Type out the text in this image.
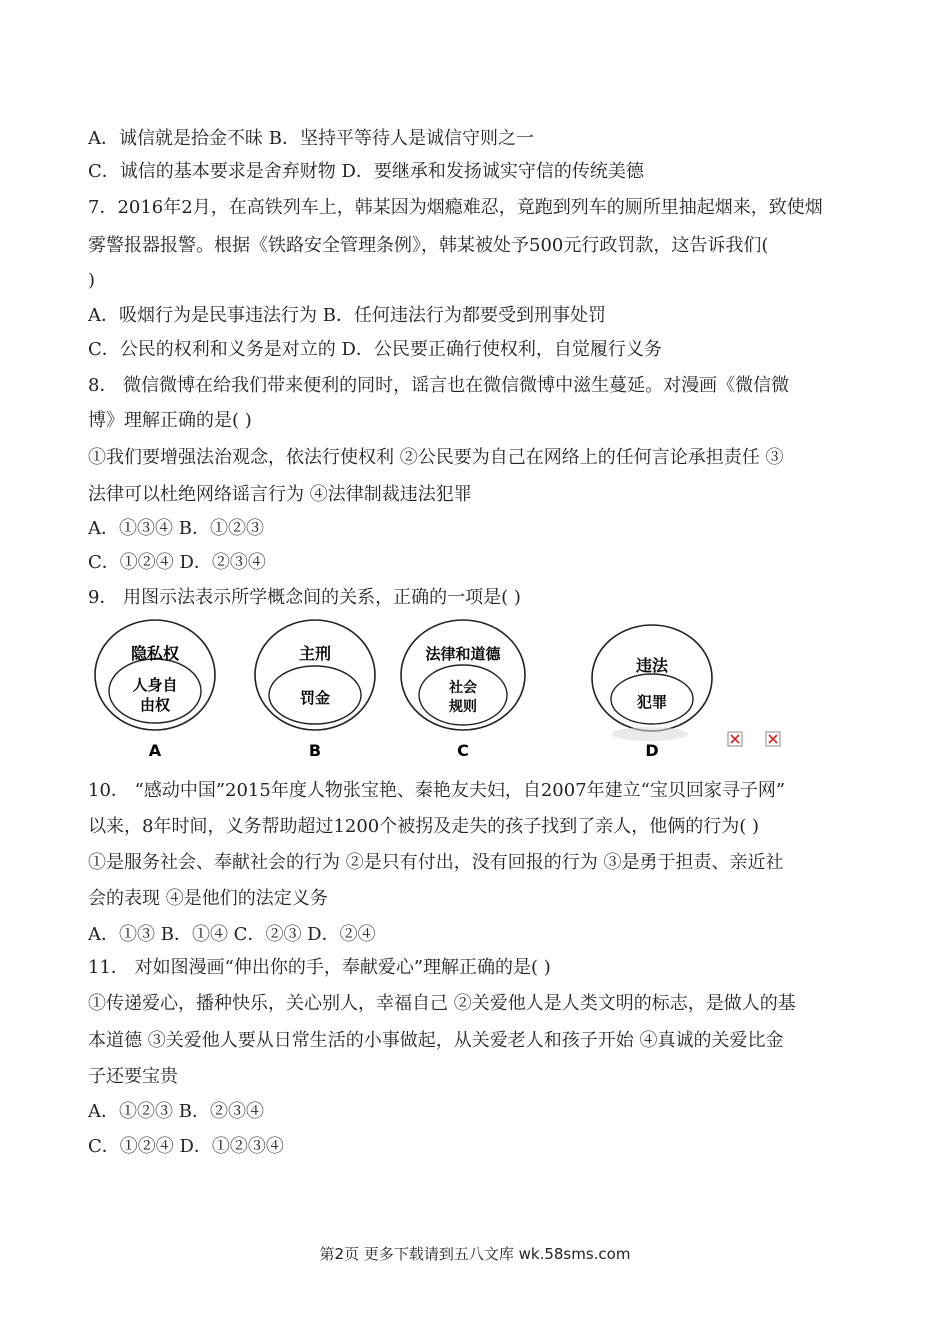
A．诚信就是拾金不昧 B．坚持平等待人是诚信守则之一
C．诚信的基本要求是舍弃财物 D．要继承和发扬诚实守信的传统美德
7．2016年2月，在高铁列车上，韩某因为烟瘾难忍，竟跑到列车的厕所里抽起烟来，致使烟
雾警报器报警。根据《铁路安全管理条例》，韩某被处予500元行政罚款，这告诉我们(
)
A．吸烟行为是民事违法行为 B．任何违法行为都要受到刑事处罚
C．公民的权利和义务是对立的 D．公民要正确行使权利，自觉履行义务
8． 微信微博在给我们带来便利的同时，谣言也在微信微博中滋生蔓延。对漫画《微信微
博》理解正确的是( )
①我们要增强法治观念，依法行使权利 ②公民要为自己在网络上的任何言论承担责任 ③
法律可以杜绝网络谣言行为 ④法律制裁违法犯罪
A．①③④ B．①②③
C．①②④ D．②③④
9． 用图示法表示所学概念间的关系，正确的一项是( )
隐私权
人身自
由权
A
主刑
罚金
B
法律和道德
社会
规则
C
违法
犯罪
D
10． “感动中国”2015年度人物张宝艳、秦艳友夫妇，自2007年建立“宝贝回家寻子网”
以来，8年时间，义务帮助超过1200个被拐及走失的孩子找到了亲人，他俩的行为( )
①是服务社会、奉献社会的行为 ②是只有付出，没有回报的行为 ③是勇于担责、亲近社
会的表现 ④是他们的法定义务
A．①③ B．①④ C．②③ D．②④
11． 对如图漫画“伸出你的手，奉献爱心”理解正确的是( )
①传递爱心，播种快乐，关心别人，幸福自己 ②关爱他人是人类文明的标志，是做人的基
本道德 ③关爱他人要从日常生活的小事做起，从关爱老人和孩子开始 ④真诚的关爱比金
子还要宝贵
A．①②③ B．②③④
C．①②④ D．①②③④
第2页 更多下载请到五八文库 wk.58sms.com
